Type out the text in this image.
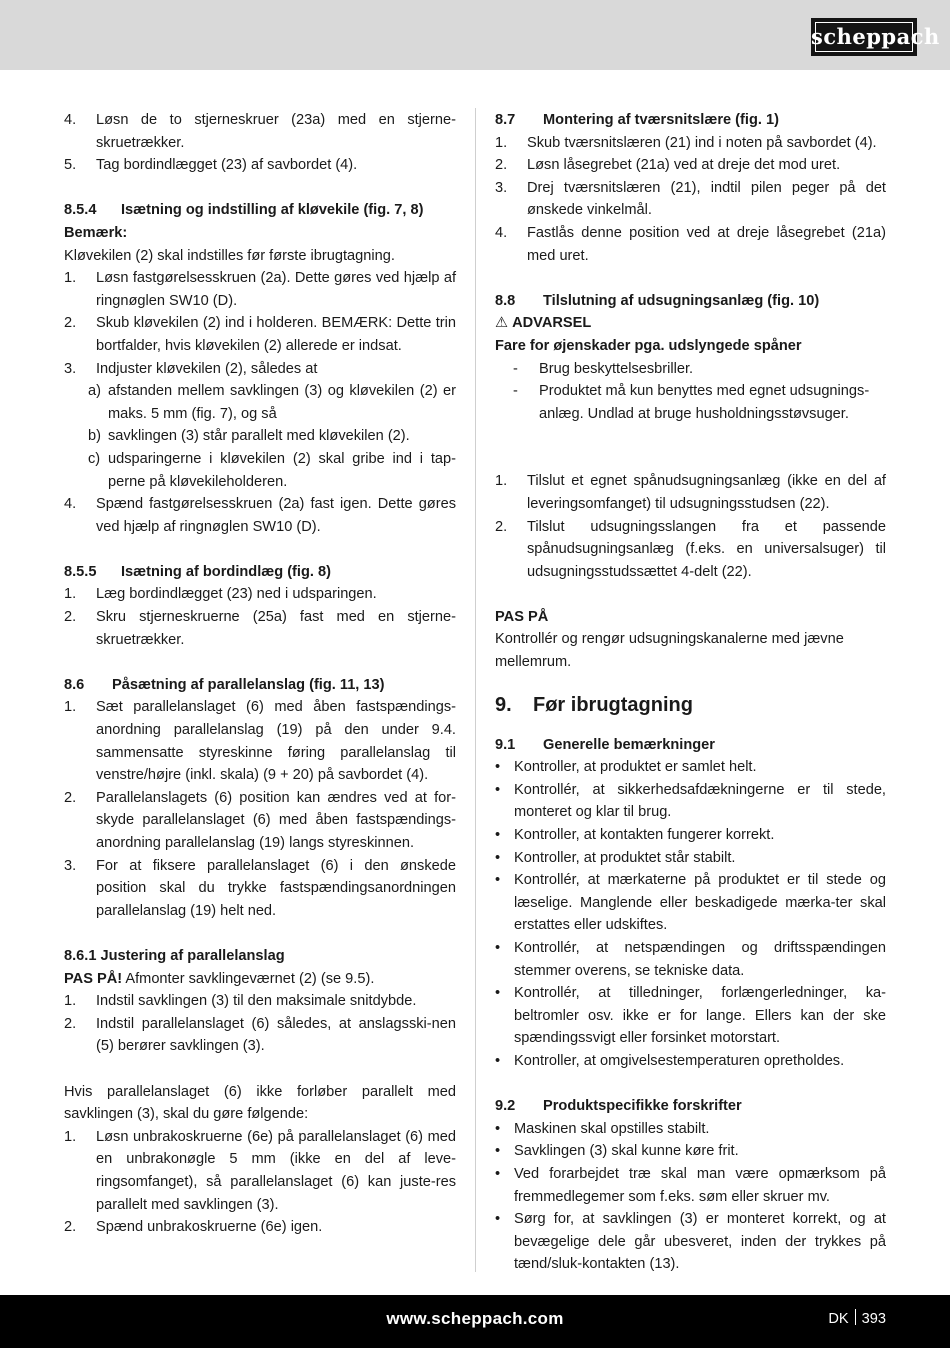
scheppach
4.	Løsn de to stjerneskruer (23a) med en stjerne-skruetrækker.
5.	Tag bordindlægget (23) af savbordet (4).
8.5.4 Isætning og indstilling af kløvekile (fig. 7, 8)
Bemærk:
Kløvekilen (2) skal indstilles før første ibrugtagning.
1.	Løsn fastgørelsesskruen (2a). Dette gøres ved hjælp af ringnøglen SW10 (D).
2.	Skub kløvekilen (2) ind i holderen. BEMÆRK: Dette trin bortfalder, hvis kløvekilen (2) allerede er indsat.
3.	Indjuster kløvekilen (2), således at
a) afstanden mellem savklingen (3) og kløvekilen (2) er maks. 5 mm (fig. 7), og så
b) savklingen (3) står parallelt med kløvekilen (2).
c) udsparingerne i kløvekilen (2) skal gribe ind i tap-perne på kløvekileholderen.
4.	Spænd fastgørelsesskruen (2a) fast igen. Dette gøres ved hjælp af ringnøglen SW10 (D).
8.5.5 Isætning af bordindlæg (fig. 8)
1.	Læg bordindlægget (23) ned i udsparingen.
2.	Skru stjerneskruerne (25a) fast med en stjerne-skruetrækker.
8.6 Påsætning af parallelanslag (fig. 11, 13)
1.	Sæt parallelanslaget (6) med åben fastspændings-anordning parallelanslag (19) på den under 9.4. sammensatte styreskinne føring parallelanslag til venstre/højre (inkl. skala) (9 + 20) på savbordet (4).
2.	Parallelanslagets (6) position kan ændres ved at for-skyde parallelanslaget (6) med åben fastspændings-anordning parallelanslag (19) langs styreskinnen.
3.	For at fiksere parallelanslaget (6) i den ønskede position skal du trykke fastspændingsanordningen parallelanslag (19) helt ned.
8.6.1 Justering af parallelanslag
PAS PÅ! Afmonter savklingeværnet (2) (se 9.5).
1.	Indstil savklingen (3) til den maksimale snitdybde.
2.	Indstil parallelanslaget (6) således, at anslagsski-nen (5) berører savklingen (3).
Hvis parallelanslaget (6) ikke forløber parallelt med savklingen (3), skal du gøre følgende:
1.	Løsn unbrakoskruerne (6e) på parallelanslaget (6) med en unbrakonøgle 5 mm (ikke en del af leve-ringsomfanget), så parallelanslaget (6) kan juste-res parallelt med savklingen (3).
2.	Spænd unbrakoskruerne (6e) igen.
8.7 Montering af tværsnitslære (fig. 1)
1.	Skub tværsnitslæren (21) ind i noten på savbordet (4).
2.	Løsn låsegrebet (21a) ved at dreje det mod uret.
3.	Drej tværsnitslæren (21), indtil pilen peger på det ønskede vinkelmål.
4.	Fastlås denne position ved at dreje låsegrebet (21a) med uret.
8.8 Tilslutning af udsugningsanlæg (fig. 10)
⚠ ADVARSEL
Fare for øjenskader pga. udslyngede spåner
-	Brug beskyttelsesbriller.
-	Produktet må kun benyttes med egnet udsugnings-anlæg. Undlad at bruge husholdningsstøvsuger.
1.	Tilslut et egnet spånudsugningsanlæg (ikke en del af leveringsomfanget) til udsugningsstudsen (22).
2.	Tilslut udsugningsslangen fra et passende spånudsugningsanlæg (f.eks. en universalsuger) til udsugningsstudssættet 4-delt (22).
PAS PÅ
Kontrollér og rengør udsugningskanalerne med jævne mellemrum.
9. Før ibrugtagning
9.1 Generelle bemærkninger
• Kontroller, at produktet er samlet helt.
• Kontrollér, at sikkerhedsafdækningerne er til stede, monteret og klar til brug.
• Kontroller, at kontakten fungerer korrekt.
• Kontroller, at produktet står stabilt.
• Kontrollér, at mærkaterne på produktet er til stede og læselige. Manglende eller beskadigede mærka-ter skal erstattes eller udskiftes.
• Kontrollér, at netspændingen og driftsspændingen stemmer overens, se tekniske data.
• Kontrollér, at tilledninger, forlængerledninger, ka-beltromler osv. ikke er for lange. Ellers kan der ske spændingssvigt eller forsinket motorstart.
• Kontroller, at omgivelsestemperaturen opretholdes.
9.2 Produktspecifikke forskrifter
• Maskinen skal opstilles stabilt.
• Savklingen (3) skal kunne køre frit.
• Ved forarbejdet træ skal man være opmærksom på fremmedlegemer som f.eks. søm eller skruer mv.
• Sørg for, at savklingen (3) er monteret korrekt, og at bevægelige dele går ubesveret, inden der trykkes på tænd/sluk-kontakten (13).
www.scheppach.com	DK 393
